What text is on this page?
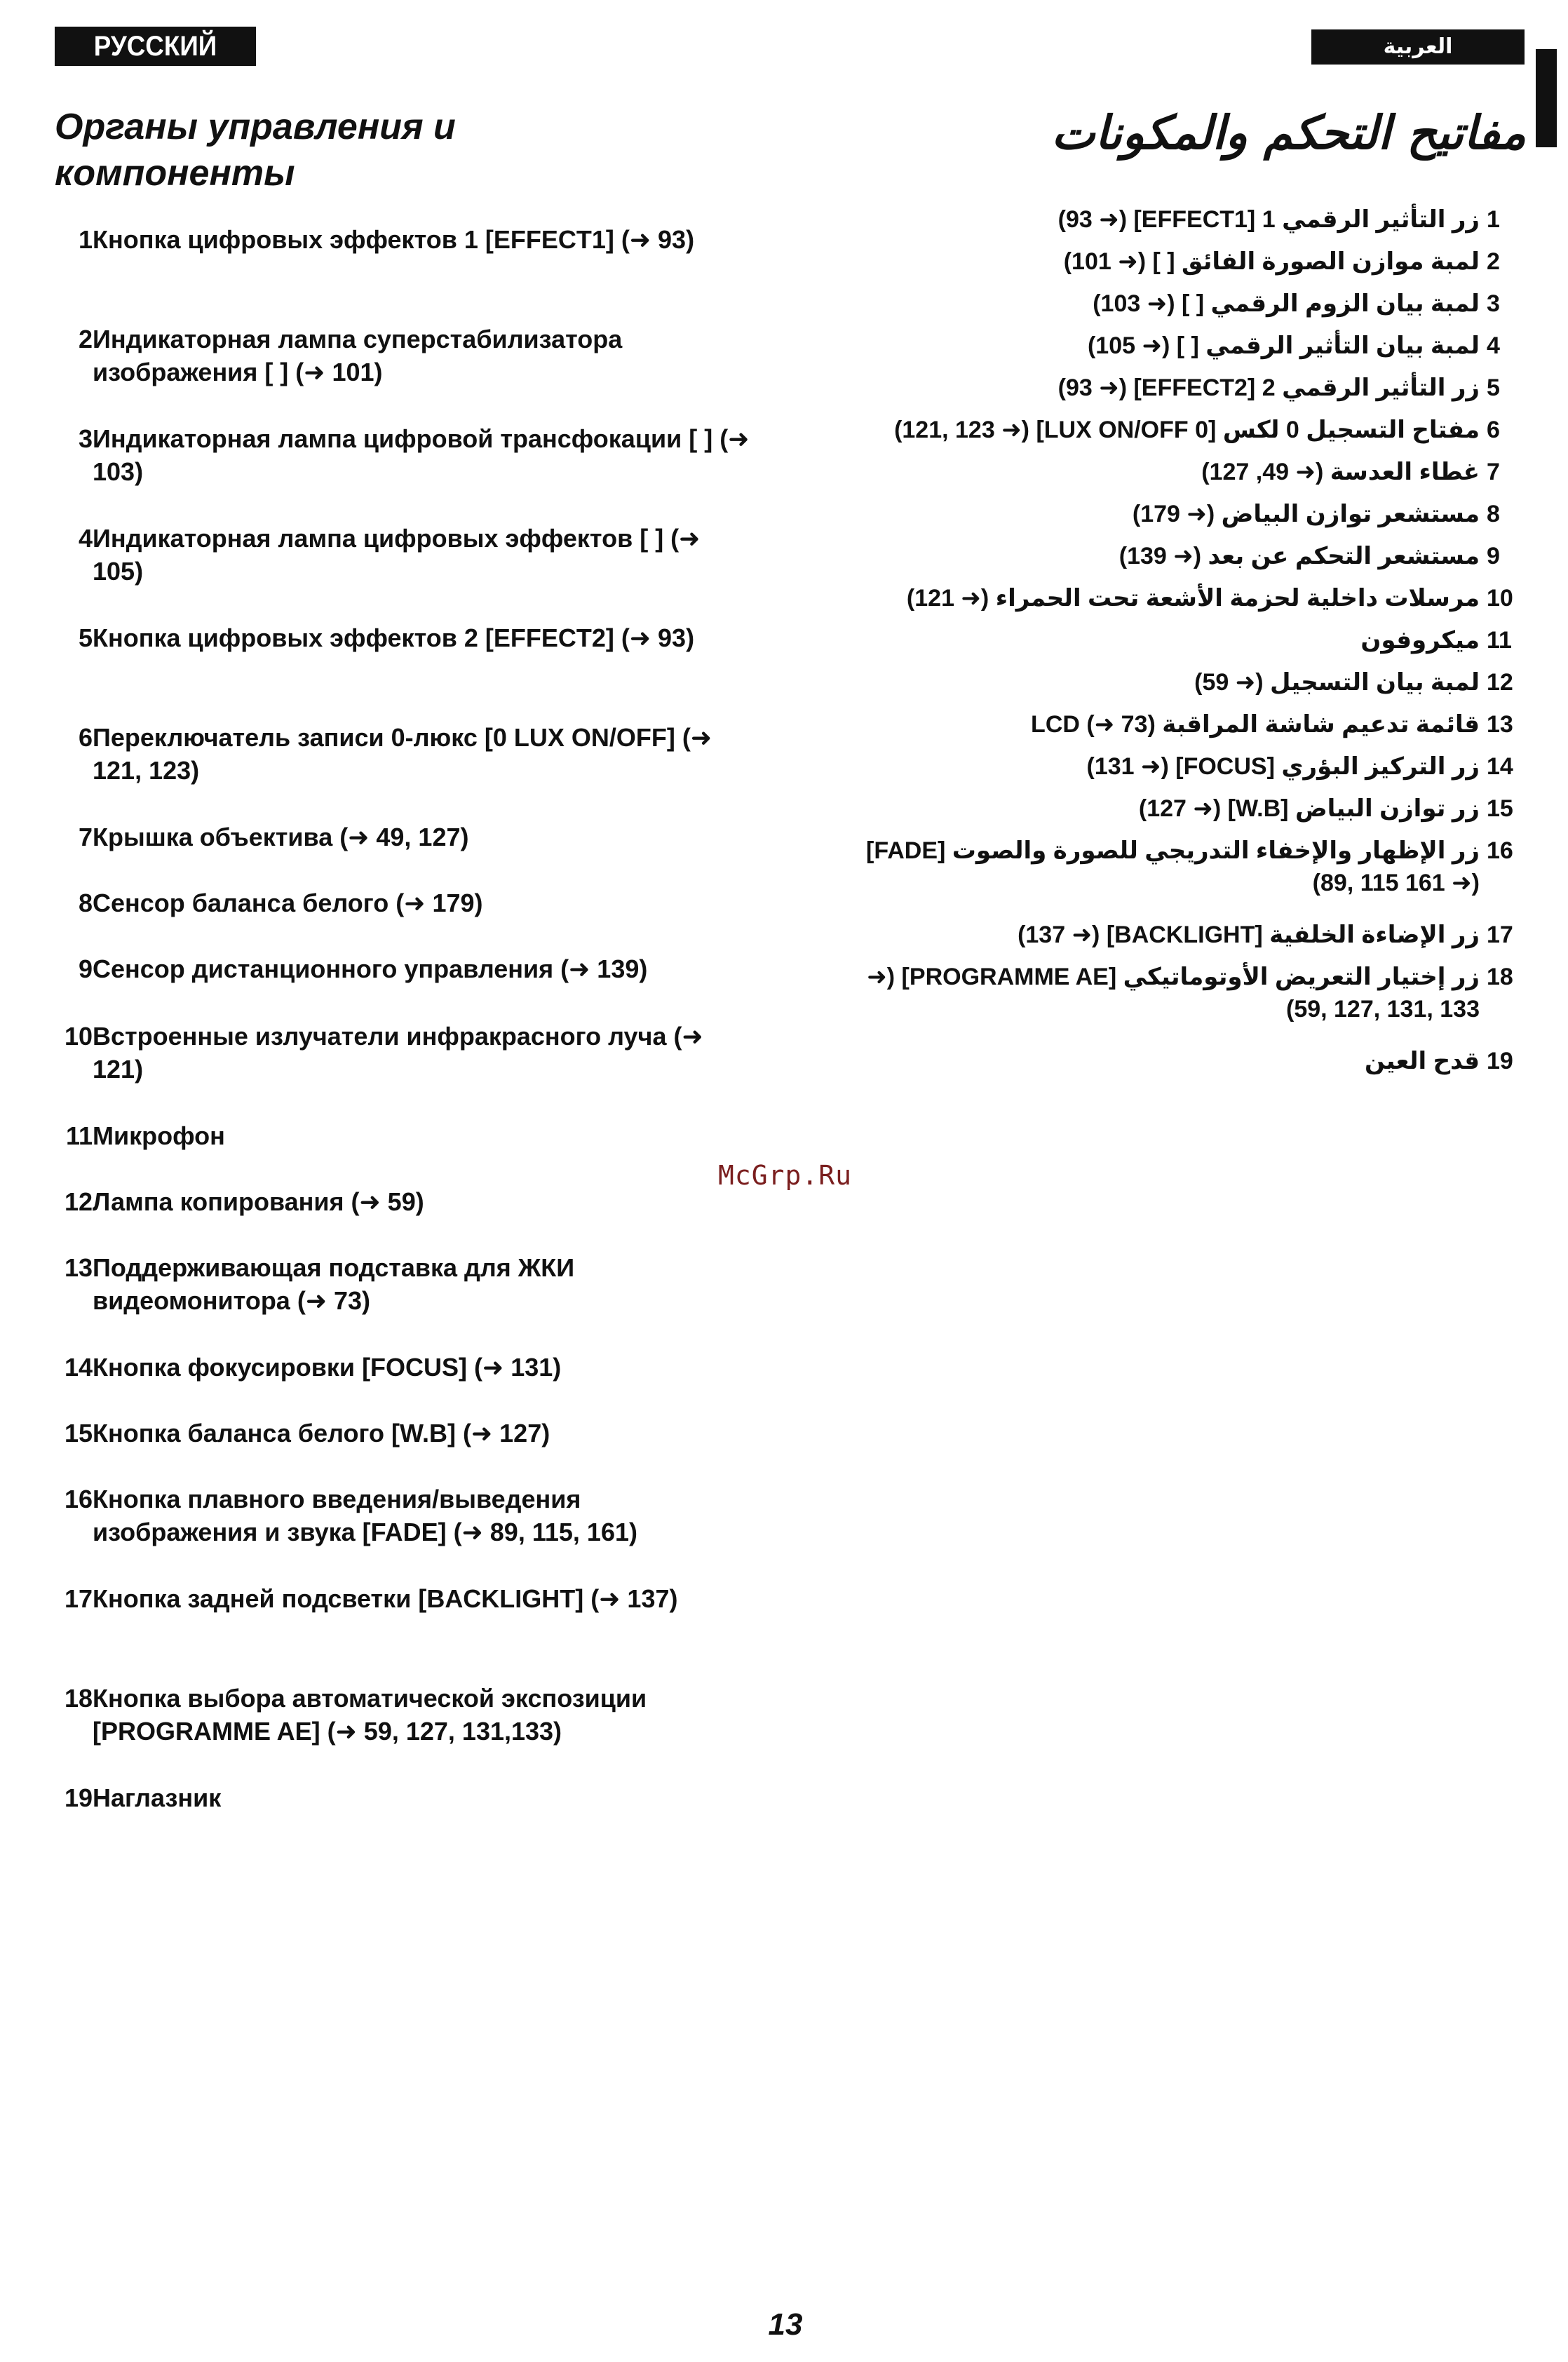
РУССКИЙ ЯЗЫК
العربية
Органы управления и компоненты
مفاتيح التحكم والمكونات
1 Кнопка цифровых эффектов 1 [EFFECT1] (➜ 93)
2 Индикаторная лампа суперстабилизатора изображения [ ] (➜ 101)
3 Индикаторная лампа цифровой трансфокации [ ] (➜ 103)
4 Индикаторная лампа цифровых эффектов [ ] (➜ 105)
5 Кнопка цифровых эффектов 2 [EFFECT2] (➜ 93)
6 Переключатель записи 0-люкс [0 LUX ON/OFF] (➜ 121, 123)
7 Крышка объектива (➜ 49, 127)
8 Сенсор баланса белого (➜ 179)
9 Сенсор дистанционного управления (➜ 139)
10 Встроенные излучатели инфракрасного луча (➜ 121)
11 Микрофон
12 Лампа копирования (➜ 59)
13 Поддерживающая подставка для ЖКИ видеомонитора (➜ 73)
14 Кнопка фокусировки [FOCUS] (➜ 131)
15 Кнопка баланса белого [W.B] (➜ 127)
16 Кнопка плавного введения/выведения изображения и звука [FADE] (➜ 89, 115, 161)
17 Кнопка задней подсветки [BACKLIGHT] (➜ 137)
18 Кнопка выбора автоматической экспозиции [PROGRAMME AE] (➜ 59, 127, 131,133)
19 Наглазник
1
زر التأثير الرقمي 1 [EFFECT1] (➜ 93)
2
لمبة موازن الصورة الفائق [ ] (➜ 101)
3
لمبة بيان الزوم الرقمي [ ] (➜ 103)
4
لمبة بيان التأثير الرقمي [ ] (➜ 105)
5
زر التأثير الرقمي 2 [EFFECT2] (➜ 93)
6
مفتاح التسجيل 0 لكس [0 LUX ON/OFF] (➜ 121, 123)
7
غطاء العدسة (➜ 49, 127)
8
مستشعر توازن البياض (➜ 179)
9
مستشعر التحكم عن بعد (➜ 139)
10
مرسلات داخلية لحزمة الأشعة تحت الحمراء (➜ 121)
11
ميكروفون
12
لمبة بيان التسجيل (➜ 59)
13
قائمة تدعيم شاشة المراقبة LCD (➜ 73)
14
زر التركيز البؤري [FOCUS] (➜ 131)
15
زر توازن البياض [W.B] (➜ 127)
16
زر الإظهار والإخفاء التدريجي للصورة والصوت [FADE] (➜ 89, 115 161)
17
زر الإضاءة الخلفية [BACKLIGHT] (➜ 137)
18
زر إختيار التعريض الأوتوماتيكي [PROGRAMME AE] (➜ 59, 127, 131, 133)
19
قدح العين
McGrp.Ru
13
